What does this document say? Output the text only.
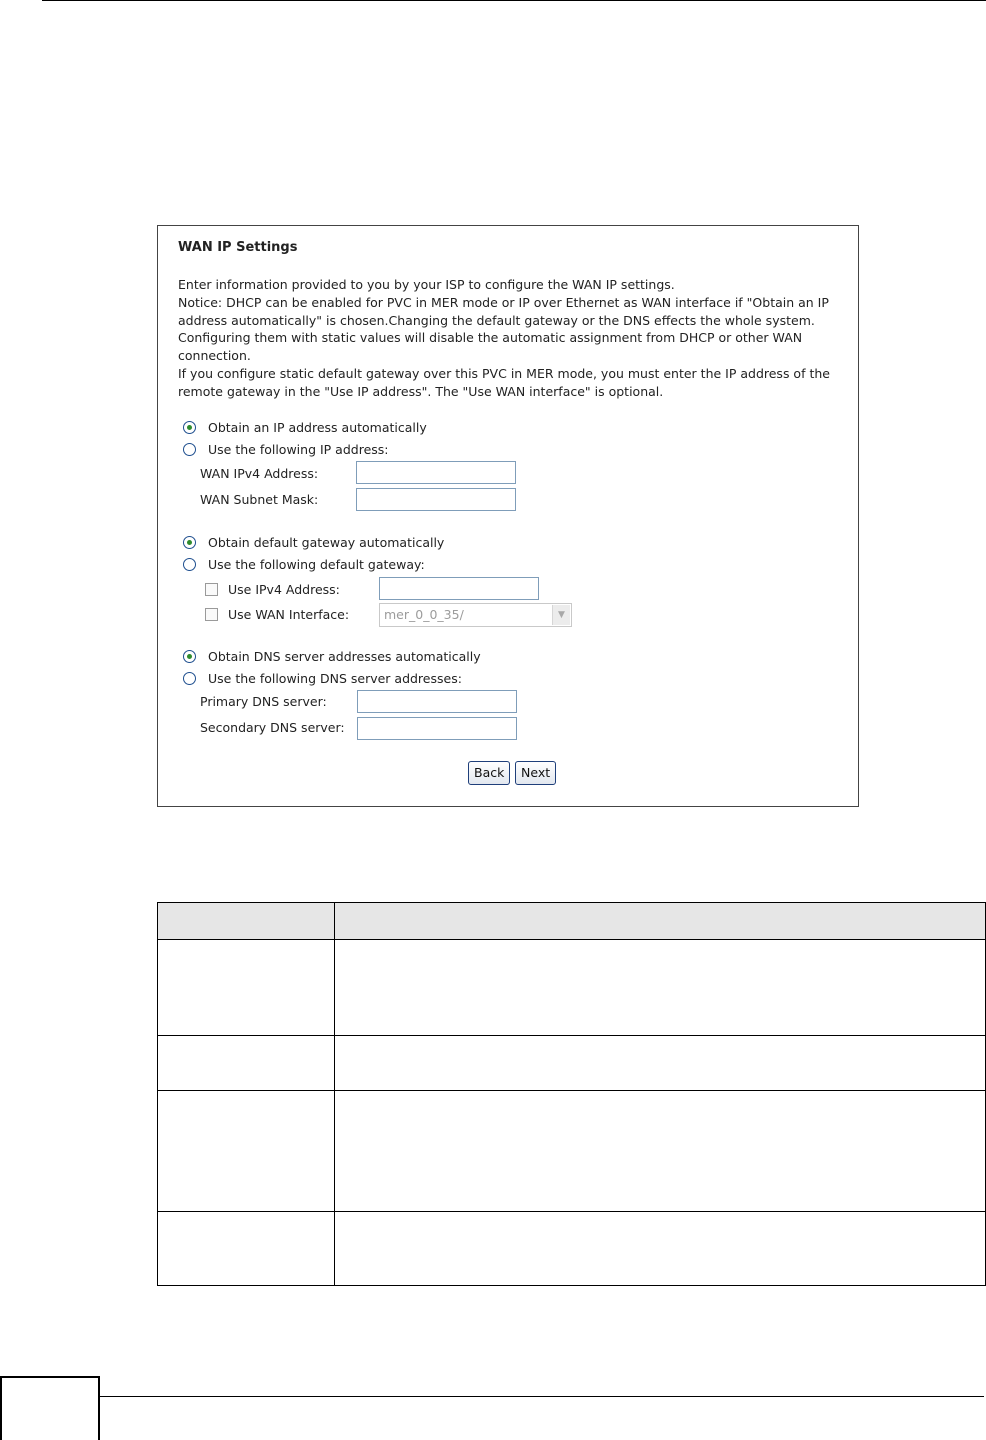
WAN IP Settings
Enter information provided to you by your ISP to configure the WAN IP settings.
Notice: DHCP can be enabled for PVC in MER mode or IP over Ethernet as WAN interface if "Obtain an IP
address automatically" is chosen.Changing the default gateway or the DNS effects the whole system.
Configuring them with static values will disable the automatic assignment from DHCP or other WAN
connection.
If you configure static default gateway over this PVC in MER mode, you must enter the IP address of the
remote gateway in the "Use IP address". The "Use WAN interface" is optional.
Obtain an IP address automatically
Use the following IP address:
WAN IPv4 Address:
WAN Subnet Mask:
Obtain default gateway automatically
Use the following default gateway:
Use IPv4 Address:
Use WAN Interface:	mer_0_0_35/	▼
Obtain DNS server addresses automatically
Use the following DNS server addresses:
Primary DNS server:
Secondary DNS server:
Back	Next
